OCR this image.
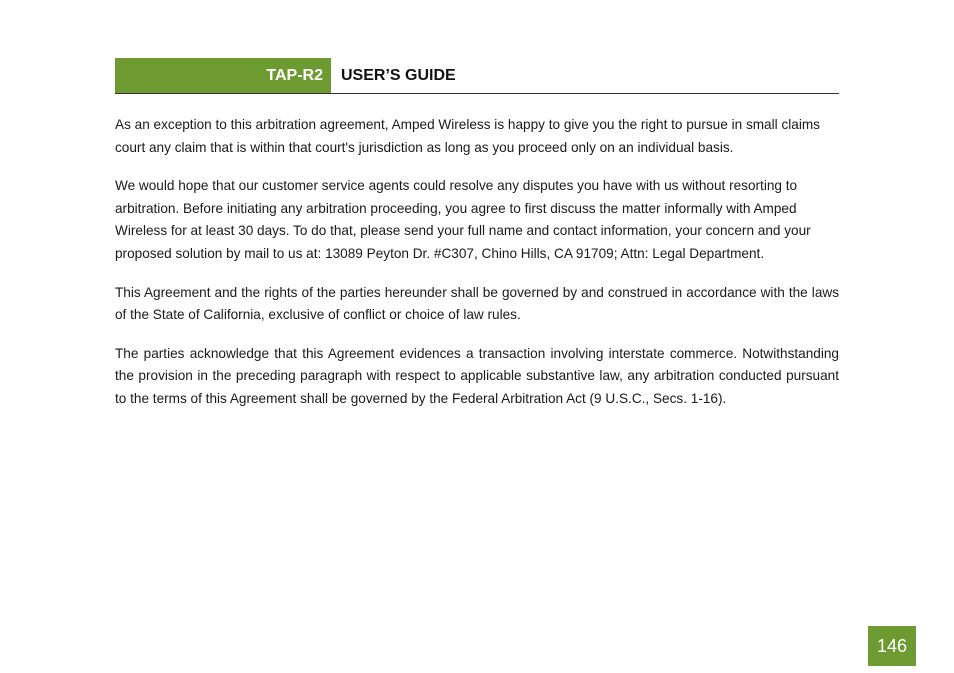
TAP-R2	USER’S GUIDE

As an exception to this arbitration agreement, Amped Wireless is happy to give you the right to pursue in small claims court any claim that is within that court's jurisdiction as long as you proceed only on an individual basis.

We would hope that our customer service agents could resolve any disputes you have with us without resorting to arbitration. Before initiating any arbitration proceeding, you agree to first discuss the matter informally with Amped Wireless for at least 30 days. To do that, please send your full name and contact information, your concern and your proposed solution by mail to us at: 13089 Peyton Dr. #C307, Chino Hills, CA 91709; Attn: Legal Department.

This Agreement and the rights of the parties hereunder shall be governed by and construed in accordance with the laws of the State of California, exclusive of conflict or choice of law rules.

The parties acknowledge that this Agreement evidences a transaction involving interstate commerce. Notwithstanding the provision in the preceding paragraph with respect to applicable substantive law, any arbitration conducted pursuant to the terms of this Agreement shall be governed by the Federal Arbitration Act (9 U.S.C., Secs. 1-16).

146
